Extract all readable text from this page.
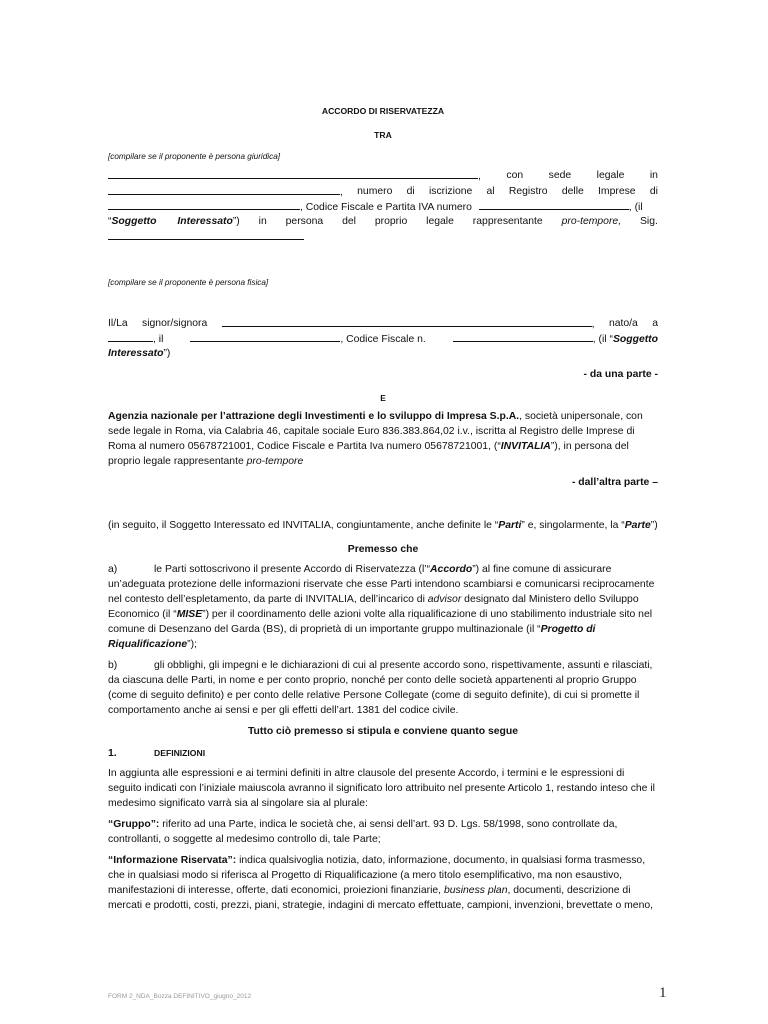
ACCORDO DI RISERVATEZZA
TRA
[compilare se il proponente è persona giuridica]
, con sede legale in
, numero di iscrizione al Registro delle Imprese di
, Codice Fiscale e Partita IVA numero	, (il
“Soggetto Interessato”) in persona del proprio legale rappresentante pro-tempore, Sig.
[compilare se il proponente è persona fisica]
Il/La signor/signora	, nato/a a
, il	, Codice Fiscale n.	, (il “Soggetto
Interessato”)
- da una parte -
E
Agenzia nazionale per l’attrazione degli Investimenti e lo sviluppo di Impresa S.p.A., società unipersonale, con
sede legale in Roma, via Calabria 46, capitale sociale Euro 836.383.864,02 i.v., iscritta al Registro delle Imprese di
Roma al numero 05678721001, Codice Fiscale e Partita Iva numero 05678721001, (“INVITALIA”), in persona del
proprio legale rappresentante pro-tempore
- dall’altra parte –
(in seguito, il Soggetto Interessato ed INVITALIA, congiuntamente, anche definite le “Parti” e, singolarmente, la “Parte”)
Premesso che
a)	le Parti sottoscrivono il presente Accordo di Riservatezza (l’“Accordo”) al fine comune di assicurare
un’adeguata protezione delle informazioni riservate che esse Parti intendono scambiarsi e comunicarsi reciprocamente
nel contesto dell’espletamento, da parte di INVITALIA, dell’incarico di advisor designato dal Ministero dello Sviluppo
Economico (il “MISE”) per il coordinamento delle azioni volte alla riqualificazione di uno stabilimento industriale sito nel
comune di Desenzano del Garda (BS), di proprietà di un importante gruppo multinazionale (il “Progetto di
Riqualificazione”);
b)	gli obblighi, gli impegni e le dichiarazioni di cui al presente accordo sono, rispettivamente, assunti e rilasciati,
da ciascuna delle Parti, in nome e per conto proprio, nonché per conto delle società appartenenti al proprio Gruppo
(come di seguito definito) e per conto delle relative Persone Collegate (come di seguito definite), di cui si promette il
comportamento anche ai sensi e per gli effetti dell’art. 1381 del codice civile.
Tutto ciò premesso si stipula e conviene quanto segue
1.	DEFINIZIONI
In aggiunta alle espressioni e ai termini definiti in altre clausole del presente Accordo, i termini e le espressioni di
seguito indicati con l’iniziale maiuscola avranno il significato loro attribuito nel presente Articolo 1, restando inteso che il
medesimo significato varrà sia al singolare sia al plurale:
“Gruppo”: riferito ad una Parte, indica le società che, ai sensi dell’art. 93 D. Lgs. 58/1998, sono controllate da,
controllanti, o soggette al medesimo controllo di, tale Parte;
“Informazione Riservata”: indica qualsivoglia notizia, dato, informazione, documento, in qualsiasi forma trasmesso,
che in qualsiasi modo si riferisca al Progetto di Riqualificazione (a mero titolo esemplificativo, ma non esaustivo,
manifestazioni di interesse, offerte, dati economici, proiezioni finanziarie, business plan, documenti, descrizione di
mercati e prodotti, costi, prezzi, piani, strategie, indagini di mercato effettuate, campioni, invenzioni, brevettate o meno,
FORM 2_NDA_Bozza DEFINITIVO_giugno_2012	1
